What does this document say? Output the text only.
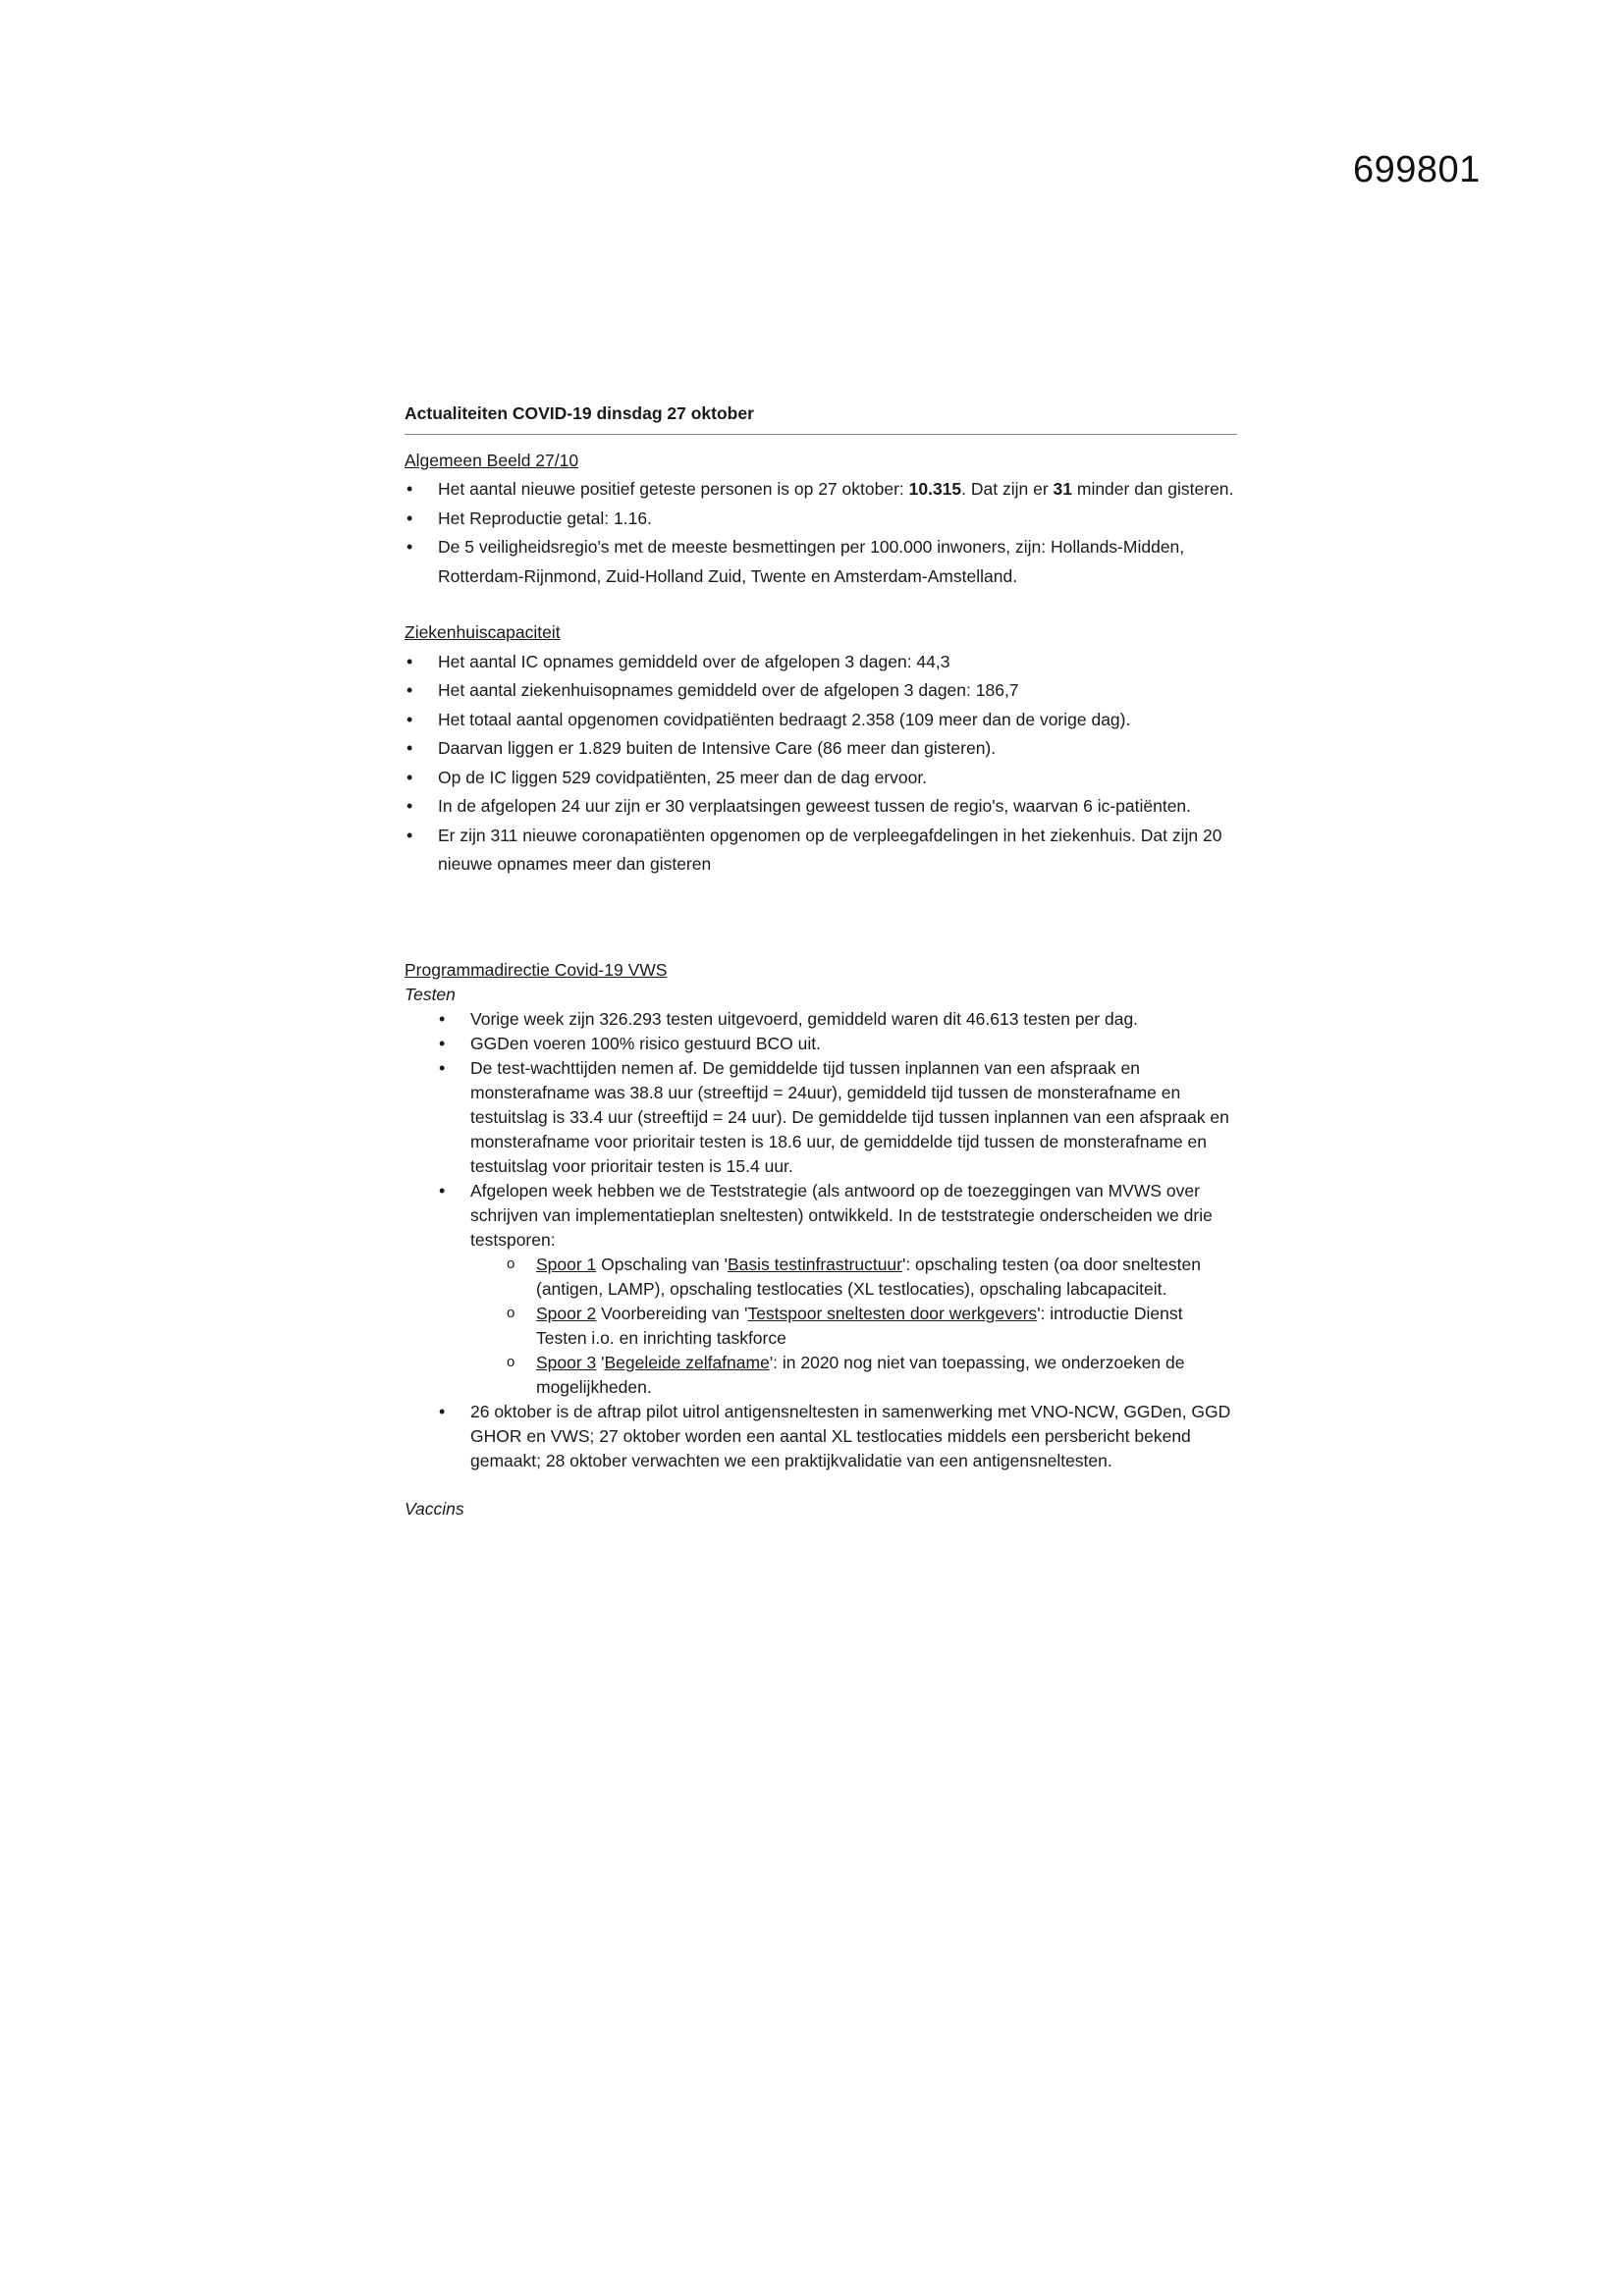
699801
Actualiteiten COVID-19 dinsdag 27 oktober

Algemeen Beeld 27/10

• Het aantal nieuwe positief geteste personen is op 27 oktober: 10.315. Dat zijn er 31 minder dan gisteren.
• Het Reproductie getal: 1.16.
• De 5 veiligheidsregio's met de meeste besmettingen per 100.000 inwoners, zijn: Hollands-Midden, Rotterdam-Rijnmond, Zuid-Holland Zuid, Twente en Amsterdam-Amstelland.

Ziekenhuiscapaciteit

• Het aantal IC opnames gemiddeld over de afgelopen 3 dagen: 44,3
• Het aantal ziekenhuisopnames gemiddeld over de afgelopen 3 dagen: 186,7
• Het totaal aantal opgenomen covidpatiënten bedraagt 2.358 (109 meer dan de vorige dag).
• Daarvan liggen er 1.829 buiten de Intensive Care (86 meer dan gisteren).
• Op de IC liggen 529 covidpatiënten, 25 meer dan de dag ervoor.
• In de afgelopen 24 uur zijn er 30 verplaatsingen geweest tussen de regio's, waarvan 6 ic-patiënten.
• Er zijn 311 nieuwe coronapatiënten opgenomen op de verpleegafdelingen in het ziekenhuis. Dat zijn 20 nieuwe opnames meer dan gisteren

Programmadirectie Covid-19 VWS

Testen

• Vorige week zijn 326.293 testen uitgevoerd, gemiddeld waren dit 46.613 testen per dag.
• GGDen voeren 100% risico gestuurd BCO uit.
• De test-wachttijden nemen af. De gemiddelde tijd tussen inplannen van een afspraak en monsterafname was 38.8 uur (streeftijd = 24uur), gemiddeld tijd tussen de monsterafname en testuitslag is 33.4 uur (streeftijd = 24 uur). De gemiddelde tijd tussen inplannen van een afspraak en monsterafname voor prioritair testen is 18.6 uur, de gemiddelde tijd tussen de monsterafname en testuitslag voor prioritair testen is 15.4 uur.
• Afgelopen week hebben we de Teststrategie (als antwoord op de toezeggingen van MVWS over schrijven van implementatieplan sneltesten) ontwikkeld. In de teststrategie onderscheiden we drie testsporen:
o Spoor 1 Opschaling van 'Basis testinfrastructuur': opschaling testen (oa door sneltesten (antigen, LAMP), opschaling testlocaties (XL testlocaties), opschaling labcapaciteit.
o Spoor 2 Voorbereiding van 'Testspoor sneltesten door werkgevers': introductie Dienst Testen i.o. en inrichting taskforce
o Spoor 3 'Begeleide zelfafname': in 2020 nog niet van toepassing, we onderzoeken de mogelijkheden.
• 26 oktober is de aftrap pilot uitrol antigensneltesten in samenwerking met VNO-NCW, GGDen, GGD GHOR en VWS; 27 oktober worden een aantal XL testlocaties middels een persbericht bekend gemaakt; 28 oktober verwachten we een praktijkvalidatie van een antigensneltesten.

Vaccins
